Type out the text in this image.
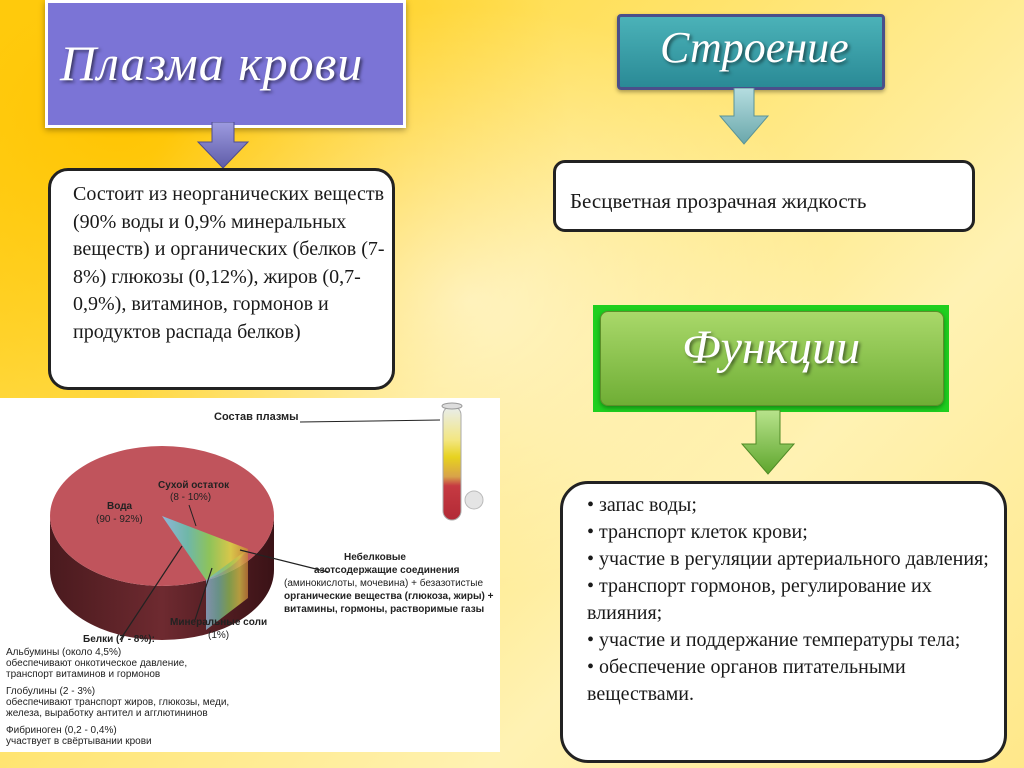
Плазма крови
Состоит из неорганических веществ (90% воды и 0,9% минеральных веществ) и органических (белков (7- 8%) глюкозы (0,12%), жиров (0,7-0,9%), витаминов, гормонов и продуктов распада белков)
Строение
Бесцветная прозрачная жидкость
Функции
• запас воды;
• транспорт клеток крови;
• участие в регуляции артериального давления;
• транспорт гормонов, регулирование их влияния;
• участие и поддержание температуры тела;
• обеспечение органов питательными веществами.
Состав плазмы
Вода
(90 - 92%)
Сухой остаток
(8 - 10%)
Небелковые
азотсодержащие соединения
(аминокислоты, мочевина) + безазотистые
органические вещества (глюкоза, жиры) +
витамины, гормоны, растворимые газы
Минеральные соли
(1%)
Белки (7 - 8%):
Альбумины (около 4,5%)
обеспечивают онкотическое давление,
транспорт витаминов и гормонов
Глобулины (2 - 3%)
обеспечивают транспорт жиров, глюкозы, меди,
железа, выработку антител и агглютининов
Фибриноген (0,2 - 0,4%)
участвует в свёртывании крови
